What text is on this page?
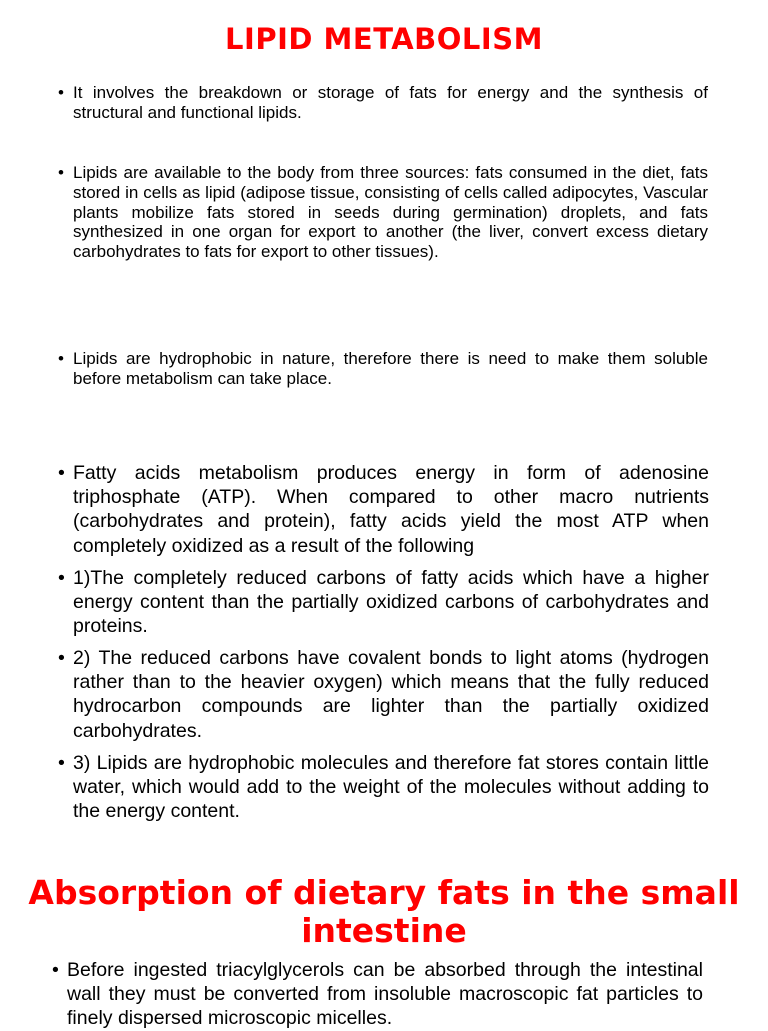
LIPID METABOLISM
• It involves the breakdown or storage of fats for energy and the synthesis of structural and functional lipids.
• Lipids are available to the body from three sources: fats consumed in the diet, fats stored in cells as lipid (adipose tissue, consisting of cells called adipocytes, Vascular plants mobilize fats stored in seeds during germination) droplets, and fats synthesized in one organ for export to another (the liver, convert excess dietary carbohydrates to fats for export to other tissues).
• Lipids are hydrophobic in nature, therefore there is need to make them soluble before metabolism can take place.
• Fatty acids metabolism produces energy in form of adenosine triphosphate (ATP). When compared to other macro nutrients (carbohydrates and protein), fatty acids yield the most ATP when completely oxidized as a result of the following
• 1)The completely reduced carbons of fatty acids which have a higher energy content than the partially oxidized carbons of carbohydrates and proteins.
• 2) The reduced carbons have covalent bonds to light atoms (hydrogen rather than to the heavier oxygen) which means that the fully reduced hydrocarbon compounds are lighter than the partially oxidized carbohydrates.
• 3) Lipids are hydrophobic molecules and therefore fat stores contain little water, which would add to the weight of the molecules without adding to the energy content.
Absorption of dietary fats in the small intestine
• Before ingested triacylglycerols can be absorbed through the intestinal wall they must be converted from insoluble macroscopic fat particles to finely dispersed microscopic micelles.
